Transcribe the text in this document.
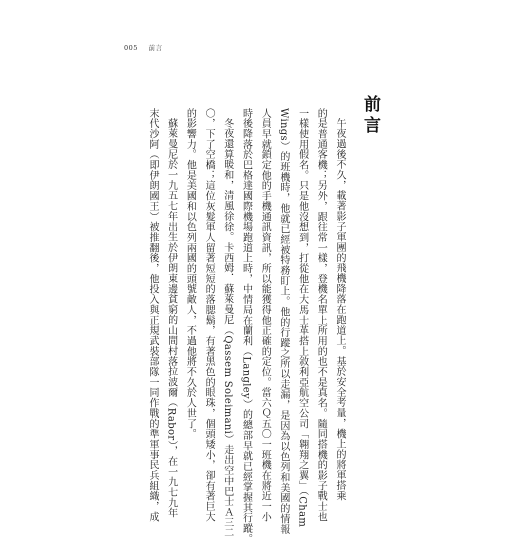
005 前言
前言
午夜過後不久，載著影子軍團的飛機降落在跑道上。基於安全考量，機上的將軍搭乘
的是普通客機；另外，跟往常一樣，登機名單上所用的也不是真名。隨同搭機的影子戰士也
一樣使用假名。只是他沒想到，打從他在大馬士革搭上敘利亞航空公司「翱翔之翼」（Cham
Wings）的班機時，他就已經被特務盯上。他的行蹤之所以走漏，是因為以色列和美國的情報
人員早就鎖定他的手機通訊資訊，所以能獲得他正確的定位。當六Ｑ五〇一班機在將近一小
時後降落於巴格達國際機場跑道上時，中情局在蘭利（Langley）的總部早就已經掌握其行蹤。
冬夜還算暖和，清風徐徐。卡西姆．蘇萊曼尼（Qassem Soleimani）走出空中巴士Ａ三二
〇，下了空橋；這位灰髮軍人留著短短的落腮鬍，有著黑色的眼珠，個頭矮小，卻有著巨大
的影響力。他是美國和以色列兩國的頭號敵人，不過他將不久於人世了。
蘇萊曼尼於一九五七年出生於伊朗東邊貧窮的山間村落拉波爾（Rabor），在一九七九年
末代沙阿（即伊朗國王）被推翻後，他投入與正規武裝部隊一同作戰的準軍事民兵組織，成
